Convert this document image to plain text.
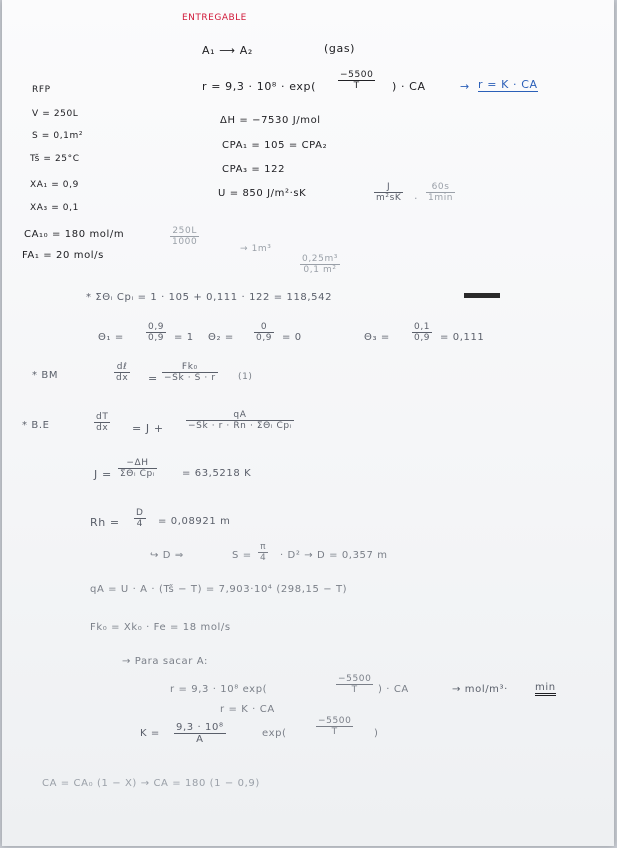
ENTREGABLE
A₁ ⟶ A₂	(gas)
$r = 9,3 \cdot 10^8 \cdot \exp( \frac{-5500}{T}$ ) · CA	→ r = K · CA
RFP
V = 250L
S = 0,1m²
Tš = 25°C
XA₁ = 0,9
XA₃ = 0,1
CA₁₀ = 180 mol/m
FA₁ = 20 mol/s
ΔH = −7530 J/mol
CPA₁ = 105 = CPA₂
CPA₃ = 122
U = 850 J/m²·sK	$\frac{J}{\text{m²sK}}$ ·
60s
1min
$\frac{250L}{1000}$
→ 1m³
$\frac{\text{0,25m³}}{\text{0,1 m²}}$
* ΣΘᵢ Cpᵢ = 1 · 105 + 0,111 · 122 = 118,542
$\Theta_1 = \frac{0,9}{0,9} = 1$ $\Theta_2 = \frac{0}{0,9} = 0$	$\Theta_3 = \frac{0,1}{0,9} = 0,111$
* BM
dℓ
dx = $\frac{\text{Fk₀}}{-Sk \cdot S \cdot r} (1)$
* B.E	$\frac{dT}{dx} = J$ +
qA
−Sk · r · Rn · ΣΘᵢ Cpᵢ
J =
−ΔH
ΣΘᵢ Cpᵢ	= 63,5218 K
$Rh = \frac{D}{4} = 0,08921$ m
↪ D ⇒	$S = \frac{\pi}{4} \cdot D^2 \to D = 0,357$ m
qA = U · A · (Tš − T) = 7,903·10⁴ (298,15 − T)
Fk₀ = Xk₀ · Fe = 18 mol/s
→ Para sacar A:
r = 9,3 · 10⁸ exp(	$\frac{-5500}{T}$ ) · CA	→ mol/m³·	min
r = K · CA
$K = \frac{\text{9,3 · 10⁸}}{A}$	exp(	$\frac{-5500}{T}$ )
CA = CA₀ (1 − X) → CA = 180 (1 − 0,9)
